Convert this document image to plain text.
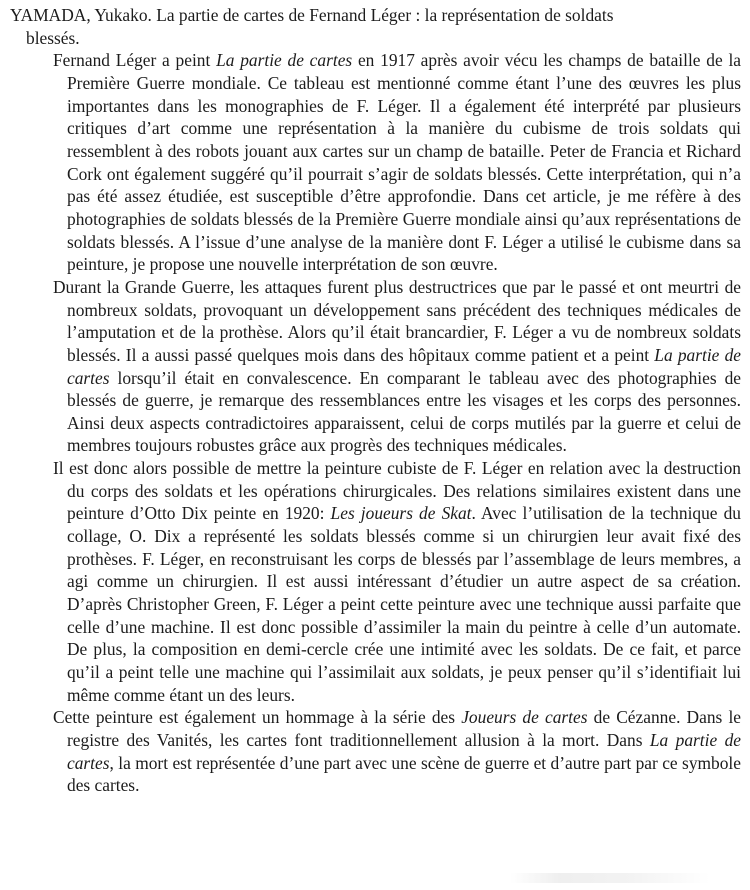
YAMADA, Yukako. La partie de cartes de Fernand Léger : la représentation de soldats

blessés.

Fernand Léger a peint La partie de cartes en 1917 après avoir vécu les champs de bataille de la Première Guerre mondiale. Ce tableau est mentionné comme étant l’une des œuvres les plus importantes dans les monographies de F. Léger. Il a également été interprété par plusieurs critiques d’art comme une représentation à la manière du cubisme de trois soldats qui ressemblent à des robots jouant aux cartes sur un champ de bataille. Peter de Francia et Richard Cork ont également suggéré qu’il pourrait s’agir de soldats blessés. Cette interprétation, qui n’a pas été assez étudiée, est susceptible d’être approfondie. Dans cet article, je me réfère à des photographies de soldats blessés de la Première Guerre mondiale ainsi qu’aux représentations de soldats blessés. A l’issue d’une analyse de la manière dont F. Léger a utilisé le cubisme dans sa peinture, je propose une nouvelle interprétation de son œuvre.

Durant la Grande Guerre, les attaques furent plus destructrices que par le passé et ont meurtri de nombreux soldats, provoquant un développement sans précédent des techniques médicales de l’amputation et de la prothèse. Alors qu’il était brancardier, F. Léger a vu de nombreux soldats blessés. Il a aussi passé quelques mois dans des hôpitaux comme patient et a peint La partie de cartes lorsqu’il était en convalescence. En comparant le tableau avec des photographies de blessés de guerre, je remarque des ressemblances entre les visages et les corps des personnes. Ainsi deux aspects contradictoires apparaissent, celui de corps mutilés par la guerre et celui de membres toujours robustes grâce aux progrès des techniques médicales.

Il est donc alors possible de mettre la peinture cubiste de F. Léger en relation avec la destruction du corps des soldats et les opérations chirurgicales. Des relations similaires existent dans une peinture d’Otto Dix peinte en 1920: Les joueurs de Skat. Avec l’utilisation de la technique du collage, O. Dix a représenté les soldats blessés comme si un chirurgien leur avait fixé des prothèses. F. Léger, en reconstruisant les corps de blessés par l’assemblage de leurs membres, a agi comme un chirurgien. Il est aussi intéressant d’étudier un autre aspect de sa création. D’après Christopher Green, F. Léger a peint cette peinture avec une technique aussi parfaite que celle d’une machine. Il est donc possible d’assimiler la main du peintre à celle d’un automate. De plus, la composition en demi-cercle crée une intimité avec les soldats. De ce fait, et parce qu’il a peint telle une machine qui l’assimilait aux soldats, je peux penser qu’il s’identifiait lui même comme étant un des leurs.

Cette peinture est également un hommage à la série des Joueurs de cartes de Cézanne. Dans le registre des Vanités, les cartes font traditionnellement allusion à la mort. Dans La partie de cartes, la mort est représentée d’une part avec une scène de guerre et d’autre part par ce symbole des cartes.
